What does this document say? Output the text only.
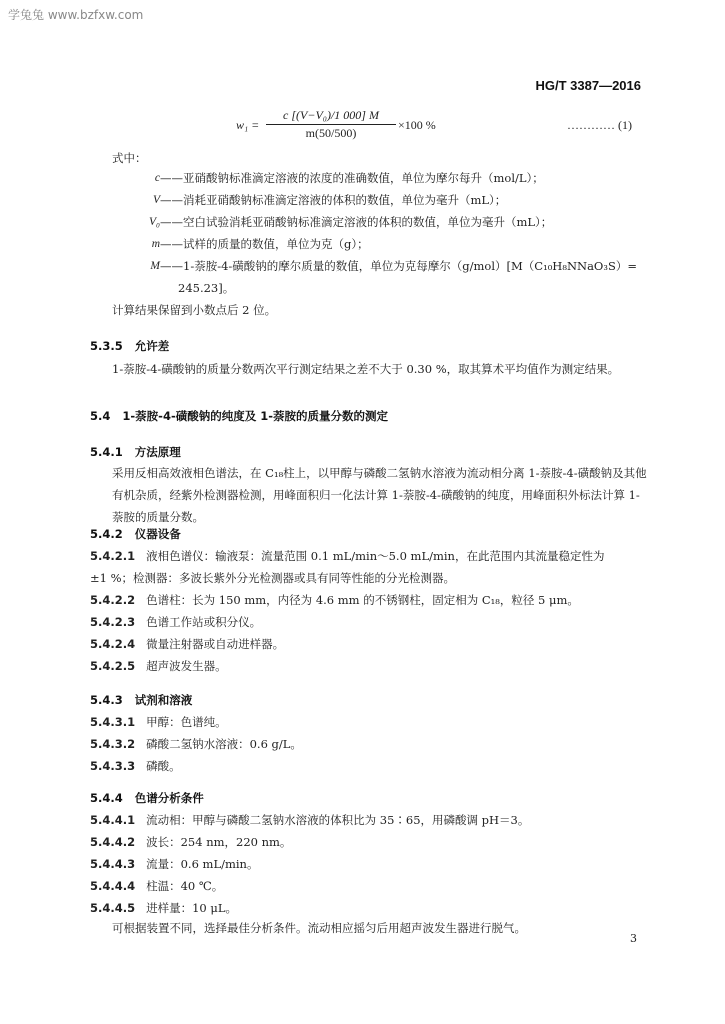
学兔兔 www.bzfxw.com
HG/T 3387—2016
$w_1 = \frac{\text{c [(V−V₀)/1 000] M}}{m(50/500)} \times 100$ %	………… (1)
式中：
c ——亚硝酸钠标准滴定溶液的浓度的准确数值，单位为摩尔每升（mol/L）；
V ——消耗亚硝酸钠标准滴定溶液的体积的数值，单位为毫升（mL）；
V₀ ——空白试验消耗亚硝酸钠标准滴定溶液的体积的数值，单位为毫升（mL）；
m ——试样的质量的数值，单位为克（g）；
M ——1-萘胺-4-磺酸钠的摩尔质量的数值，单位为克每摩尔（g/mol）[M（C₁₀H₈NNaO₃S）=
245.23]。
计算结果保留到小数点后 2 位。
5.3.5 允许差
1-萘胺-4-磺酸钠的质量分数两次平行测定结果之差不大于 0.30 %，取其算术平均值作为测定结果。
5.4 1-萘胺-4-磺酸钠的纯度及 1-萘胺的质量分数的测定
5.4.1 方法原理
采用反相高效液相色谱法，在 C₁₈柱上，以甲醇与磷酸二氢钠水溶液为流动相分离 1-萘胺-4-磺酸钠及其他有机杂质，经紫外检测器检测，用峰面积归一化法计算 1-萘胺-4-磺酸钠的纯度，用峰面积外标法计算 1-萘胺的质量分数。
5.4.2 仪器设备
5.4.2.1 液相色谱仪：输液泵：流量范围 0.1 mL/min～5.0 mL/min，在此范围内其流量稳定性为
±1 %；检测器：多波长紫外分光检测器或具有同等性能的分光检测器。
5.4.2.2 色谱柱：长为 150 mm，内径为 4.6 mm 的不锈钢柱，固定相为 C₁₈，粒径 5 μm。
5.4.2.3 色谱工作站或积分仪。
5.4.2.4 微量注射器或自动进样器。
5.4.2.5 超声波发生器。
5.4.3 试剂和溶液
5.4.3.1 甲醇：色谱纯。
5.4.3.2 磷酸二氢钠水溶液：0.6 g/L。
5.4.3.3 磷酸。
5.4.4 色谱分析条件
5.4.4.1 流动相：甲醇与磷酸二氢钠水溶液的体积比为 35∶65，用磷酸调 pH＝3。
5.4.4.2 波长：254 nm，220 nm。
5.4.4.3 流量：0.6 mL/min。
5.4.4.4 柱温：40 ℃。
5.4.4.5 进样量：10 μL。
可根据装置不同，选择最佳分析条件。流动相应摇匀后用超声波发生器进行脱气。
3
